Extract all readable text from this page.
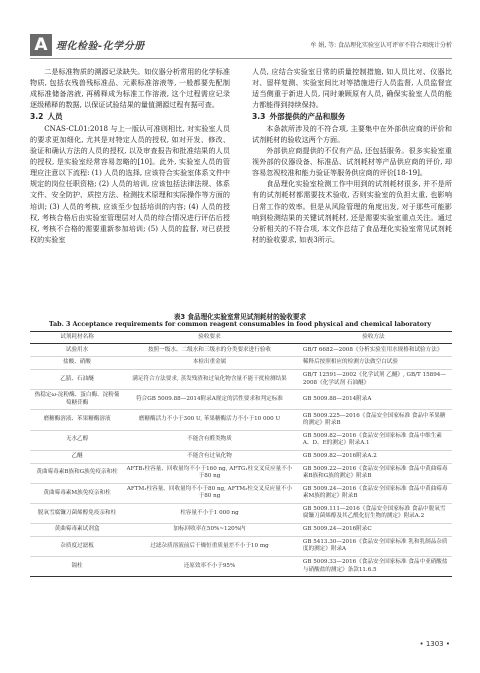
A 理化检验-化学分册	牟 娟, 等: 食品理化实验室认可评审不符合项统计分析

二是标准物质的溯源记录缺失。如仪器分析常用的化学标准物质, 包括农残兽残标准品、元素标准溶液等, 一般都要先配制成标准储备溶液, 再稀释成为标准工作溶液, 这个过程需应记录逐级稀释的数据, 以保证试验结果的量值溯源过程有据可查。

3.2 人员

CNAS-CL01:2018 与上一版认可准则相比, 对实验室人员的要求更加细化, 尤其是对特定人员的授权, 如对开发、修改、验证和确认方法的人员的授权, 以及审查报告和批准结果的人员的授权, 是实验室经常容易忽略的[10]。此外, 实验室人员的管理应注意以下流程: (1) 人员的选择, 应该符合实验室体系文件中规定的岗位任职资格; (2) 人员的培训, 应该包括法律法规、体系文件、安全防护、质控方法、检测技术原理和实际操作等方面的培训; (3) 人员的考核, 应该至少包括培训的内容; (4) 人员的授权, 考核合格后由实验室管理层对人员的综合情况进行评估后授权, 考核不合格的需要重新参加培训; (5) 人员的监督, 对已获授权的实验室

人员, 应结合实验室日常的质量控制措施, 如人员比对、仪器比对、留样复测、实验室间比对等措施进行人员监督, 人员监督宜适当侧重于新进人员, 同时兼顾原有人员, 确保实验室人员的能力都能得到持续保持。

3.3 外部提供的产品和服务

本条款所涉及的不符合项, 主要集中在外部供应商的评价和试剂耗材的验收这两个方面。

外部供应商提供的不仅有产品, 还包括服务。很多实验室重视外部的仪器设备、标准品、试剂耗材等产品供应商的评价, 却容易忽视校准和能力验证等服务供应商的评价[18-19]。

食品理化实验室检测工作中用到的试剂耗材很多, 并不是所有的试剂耗材都需要技术验收, 否则实验室的负担太重, 也影响日常工作的效率。但是从风险管理的角度出发, 对于那些可能影响到检测结果的关键试剂耗材, 还是需要实验室重点关注。通过分析相关的不符合项, 本文作总结了食品理化实验室常见试剂耗材的验收要求, 如表3所示。

表3 食品理化实验室常见试剂耗材的验收要求
Tab. 3 Acceptance requirements for common reagent consumables in food physical and chemical laboratory
试剂耗材名称	验收要求	验收方法
试验用水	按照一级水、二级水和三级水的分类要求进行验收	GB/T 6682—2008《分析实验室用水规格和试验方法》
盐酸、硝酸	本检出重金属	稀释后按照相应的检测方法做空白试验
乙腈、石油醚	满足符合方法要求, 蒸发残渣和过氧化物含量不能干扰检测结果	GB/T 12591—2002《化学试剂 乙醚》, GB/T 15894—2008《化学试剂 石油醚》
热稳定ω-淀粉酶、蛋白酶、淀粉葡萄糖苷酶	符合GB 5009.88—2014附录A规定的活性要求和判定标准	GB 5009.88—2014附录A
磨糖酶溶液、苯果糖酶溶液	磨糖酶活力不小于300 U, 苯果糖酶活力不小于10 000 U	GB 5009.225—2016《食品安全国家标准 食品中苯果糖的测定》附录B
无水乙醇	不能含有醛类物质	GB 5009.82—2016《食品安全国家标准 食品中维生素A、D、E的测定》附录A.1
乙醚	不能含有过氧化物	GB 5009.82—2016附录A.2
黄曲霉毒素B族和G族免疫亲和柱	AFTB₁柱容量、回收量均不小于160 ng, AFTG₁柱交叉反应量不小于80 ng	GB 5009.22—2016《食品安全国家标准 食品中黄曲霉毒素B族和G族的测定》附录B
黄曲霉毒素M族免疫亲和柱	AFTM₁柱容量、回收量均不小于80 ng, AFTM₂柱交叉反应量不小于80 ng	GB 5009.24—2016《食品安全国家标准 食品中黄曲霉毒素M族的测定》附录B
脱氧雪腐镰刀菌烯醇免疫亲和柱	柱容量不小于1 000 ng	GB 5009.111—2016《食品安全国家标准 食品中脱氧雪腐镰刀菌烯醇及其乙酰化衍生物的测定》附录A.2
黄曲霉毒素试剂盒	加标回收率在50%~120%内	GB 5009.24—2016附录C
杂质度过滤板	过滤杂质溶液前后干燥恒重质量差不小于10 mg	GB 5413.30—2016《食品安全国家标准 乳和乳制品杂质度的测定》附录A
镉柱	还原效率不小于95%	GB 5009.33—2016《食品安全国家标准 食品中亚硝酸盐与硝酸盐的测定》条款11.6.5
• 1303 •
